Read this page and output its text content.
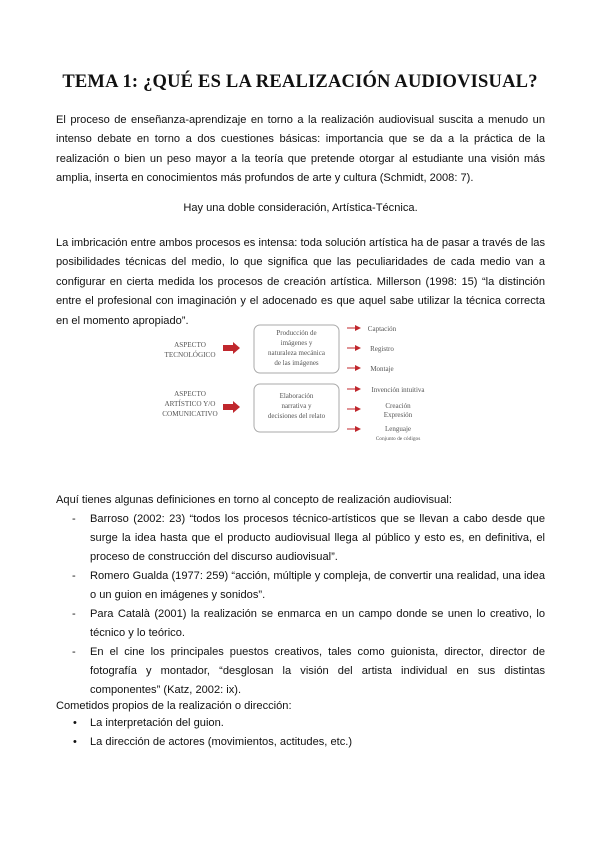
TEMA 1: ¿QUÉ ES LA REALIZACIÓN AUDIOVISUAL?

El proceso de enseñanza-aprendizaje en torno a la realización audiovisual suscita a menudo un intenso debate en torno a dos cuestiones básicas: importancia que se da a la práctica de la realización o bien un peso mayor a la teoría que pretende otorgar al estudiante una visión más amplia, inserta en conocimientos más profundos de arte y cultura (Schmidt, 2008: 7).

Hay una doble consideración, Artística-Técnica.

La imbricación entre ambos procesos es intensa: toda solución artística ha de pasar a través de las posibilidades técnicas del medio, lo que significa que las peculiaridades de cada medio van a configurar en cierta medida los procesos de creación artística. Millerson (1998: 15) “la distinción entre el profesional con imaginación y el adocenado es que aquel sabe utilizar la técnica correcta en el momento apropiado”.

ASPECTO
TECNOLÓGICO
Producción de
imágenes y
naturaleza mecánica
de las imágenes
Captación
Registro
Montaje
ASPECTO
ARTÍSTICO Y/O
COMUNICATIVO
Elaboración
narrativa y
decisiones del relato
Invención intuitiva
Creación
Expresión
Lenguaje
Conjunto de códigos
Aquí tienes algunas definiciones en torno al concepto de realización audiovisual:
- Barroso (2002: 23) “todos los procesos técnico-artísticos que se llevan a cabo desde que surge la idea hasta que el producto audiovisual llega al público y esto es, en definitiva, el proceso de construcción del discurso audiovisual”.
- Romero Gualda (1977: 259) “acción, múltiple y compleja, de convertir una realidad, una idea o un guion en imágenes y sonidos”.
- Para Català (2001) la realización se enmarca en un campo donde se unen lo creativo, lo técnico y lo teórico.
- En el cine los principales puestos creativos, tales como guionista, director, director de fotografía y montador, “desglosan la visión del artista individual en sus distintas componentes” (Katz, 2002: ix).
Cometidos propios de la realización o dirección:
• La interpretación del guion.
• La dirección de actores (movimientos, actitudes, etc.)
